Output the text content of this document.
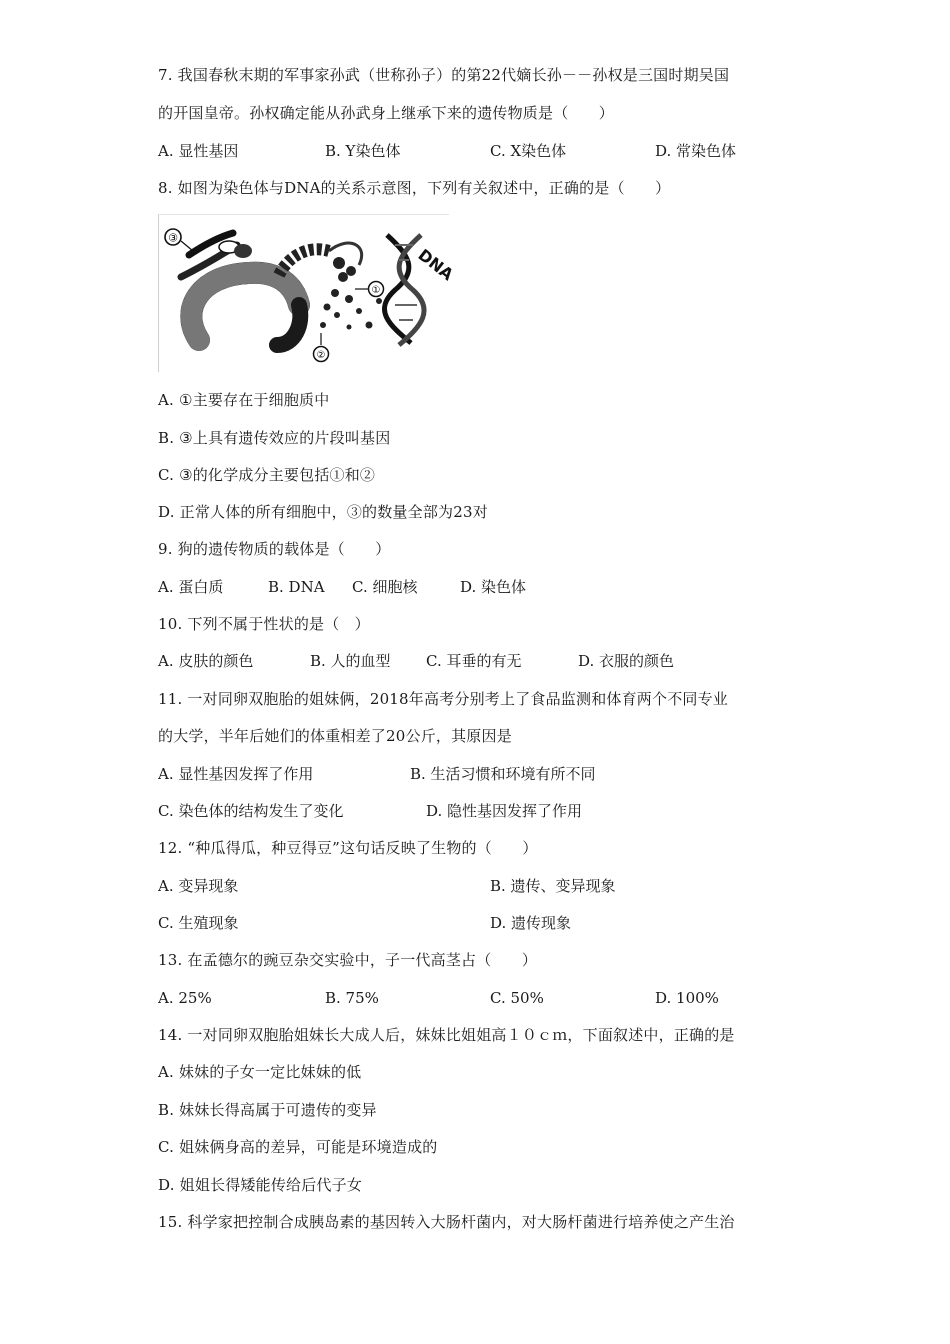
7. 我国春秋末期的军事家孙武（世称孙子）的第22代嫡长孙－－孙权是三国时期吴国
的开国皇帝。孙权确定能从孙武身上继承下来的遗传物质是（　　）
A. 显性基因	B. Y染色体	C. X染色体	D. 常染色体
8. 如图为染色体与DNA的关系示意图，下列有关叙述中，正确的是（　　）
③
①
②
DNA
A. ①主要存在于细胞质中
B. ③上具有遗传效应的片段叫基因
C. ③的化学成分主要包括①和②
D. 正常人体的所有细胞中，③的数量全部为23对
9. 狗的遗传物质的载体是（　　）
A. 蛋白质	B. DNA C. 细胞核	D. 染色体
10. 下列不属于性状的是（　）
A. 皮肤的颜色	B. 人的血型 C. 耳垂的有无	D. 衣服的颜色
11. 一对同卵双胞胎的姐妹俩，2018年高考分别考上了食品监测和体育两个不同专业
的大学，半年后她们的体重相差了20公斤，其原因是
A. 显性基因发挥了作用	B. 生活习惯和环境有所不同
C. 染色体的结构发生了变化	D. 隐性基因发挥了作用
12. “种瓜得瓜，种豆得豆”这句话反映了生物的（　　）
A. 变异现象	B. 遗传、变异现象
C. 生殖现象	D. 遗传现象
13. 在孟德尔的豌豆杂交实验中，子一代高茎占（　　）
A. 25%	B. 75%	C. 50%	D. 100%
14. 一对同卵双胞胎姐妹长大成人后，妹妹比姐姐高１０ｃｍ，下面叙述中，正确的是
A. 妹妹的子女一定比妹妹的低
B. 妹妹长得高属于可遗传的变异
C. 姐妹俩身高的差异，可能是环境造成的
D. 姐姐长得矮能传给后代子女
15. 科学家把控制合成胰岛素的基因转入大肠杆菌内，对大肠杆菌进行培养使之产生治
